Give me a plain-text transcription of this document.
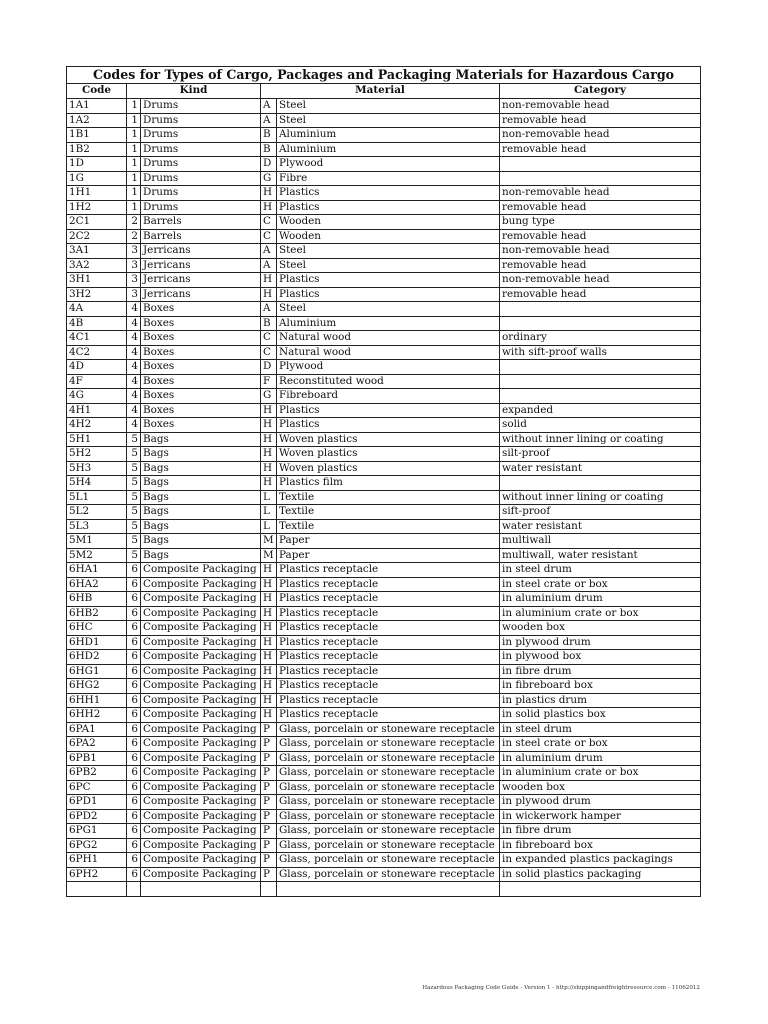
Codes for Types of Cargo, Packages and Packaging Materials for Hazardous Cargo					
Code	Kind		Material		Category
1A1	1	Drums	A	Steel	non-removable head
1A2	1	Drums	A	Steel	removable head
1B1	1	Drums	B	Aluminium	non-removable head
1B2	1	Drums	B	Aluminium	removable head
1D	1	Drums	D	Plywood	
1G	1	Drums	G	Fibre	
1H1	1	Drums	H	Plastics	non-removable head
1H2	1	Drums	H	Plastics	removable head
2C1	2	Barrels	C	Wooden	bung type
2C2	2	Barrels	C	Wooden	removable head
3A1	3	Jerricans	A	Steel	non-removable head
3A2	3	Jerricans	A	Steel	removable head
3H1	3	Jerricans	H	Plastics	non-removable head
3H2	3	Jerricans	H	Plastics	removable head
4A	4	Boxes	A	Steel	
4B	4	Boxes	B	Aluminium	
4C1	4	Boxes	C	Natural wood	ordinary
4C2	4	Boxes	C	Natural wood	with sift-proof walls
4D	4	Boxes	D	Plywood	
4F	4	Boxes	F	Reconstituted wood	
4G	4	Boxes	G	Fibreboard	
4H1	4	Boxes	H	Plastics	expanded
4H2	4	Boxes	H	Plastics	solid
5H1	5	Bags	H	Woven plastics	without inner lining or coating
5H2	5	Bags	H	Woven plastics	silt-proof
5H3	5	Bags	H	Woven plastics	water resistant
5H4	5	Bags	H	Plastics film	
5L1	5	Bags	L	Textile	without inner lining or coating
5L2	5	Bags	L	Textile	sift-proof
5L3	5	Bags	L	Textile	water resistant
5M1	5	Bags	M	Paper	multiwall
5M2	5	Bags	M	Paper	multiwall, water resistant
6HA1	6	Composite Packaging	H	Plastics receptacle	in steel drum
6HA2	6	Composite Packaging	H	Plastics receptacle	in steel crate or box
6HB	6	Composite Packaging	H	Plastics receptacle	in aluminium drum
6HB2	6	Composite Packaging	H	Plastics receptacle	in aluminium crate or box
6HC	6	Composite Packaging	H	Plastics receptacle	wooden box
6HD1	6	Composite Packaging	H	Plastics receptacle	in plywood drum
6HD2	6	Composite Packaging	H	Plastics receptacle	in plywood box
6HG1	6	Composite Packaging	H	Plastics receptacle	in fibre drum
6HG2	6	Composite Packaging	H	Plastics receptacle	in fibreboard box
6HH1	6	Composite Packaging	H	Plastics receptacle	in plastics drum
6HH2	6	Composite Packaging	H	Plastics receptacle	in solid plastics box
6PA1	6	Composite Packaging	P	Glass, porcelain or stoneware receptacle	in steel drum
6PA2	6	Composite Packaging	P	Glass, porcelain or stoneware receptacle	in steel crate or box
6PB1	6	Composite Packaging	P	Glass, porcelain or stoneware receptacle	in aluminium drum
6PB2	6	Composite Packaging	P	Glass, porcelain or stoneware receptacle	in aluminium crate or box
6PC	6	Composite Packaging	P	Glass, porcelain or stoneware receptacle	wooden box
6PD1	6	Composite Packaging	P	Glass, porcelain or stoneware receptacle	in plywood drum
6PD2	6	Composite Packaging	P	Glass, porcelain or stoneware receptacle	in wickerwork hamper
6PG1	6	Composite Packaging	P	Glass, porcelain or stoneware receptacle	in fibre drum
6PG2	6	Composite Packaging	P	Glass, porcelain or stoneware receptacle	in fibreboard box
6PH1	6	Composite Packaging	P	Glass, porcelain or stoneware receptacle	in expanded plastics packagings
6PH2	6	Composite Packaging	P	Glass, porcelain or stoneware receptacle	in solid plastics packaging

Hazardous Packaging Code Guide - Version 1 - http://shippingandfreightresource.com - 11062012
